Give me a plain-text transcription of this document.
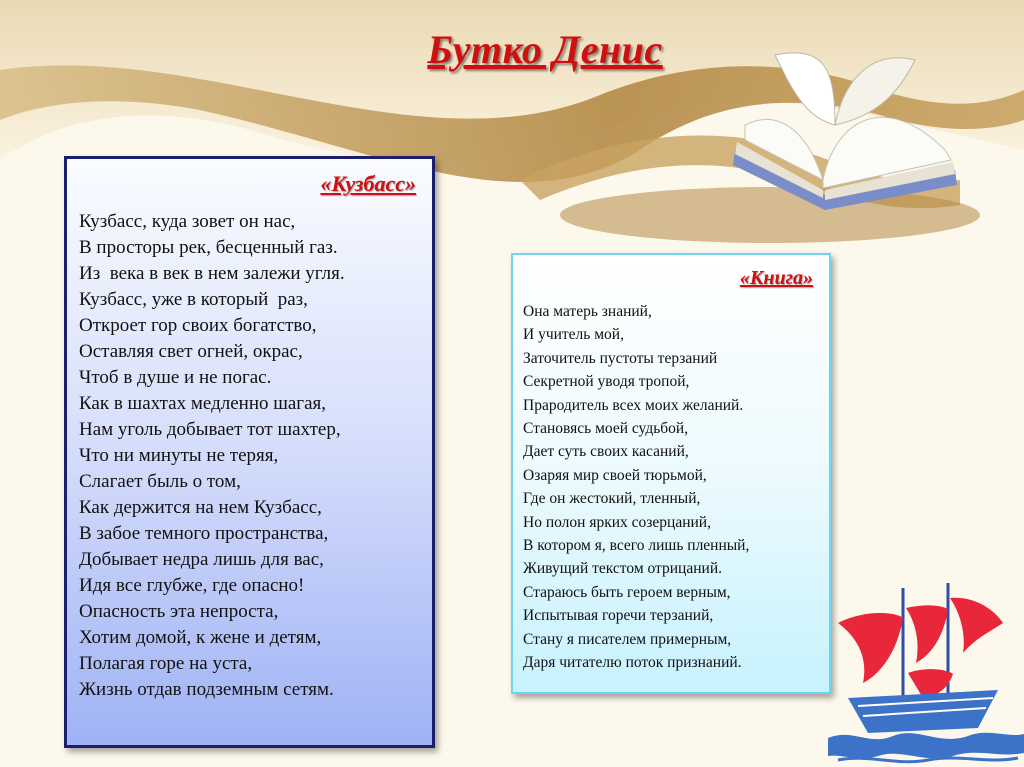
Бутко Денис
«Кузбасс»
Кузбасс, куда зовет он нас,
В просторы рек, бесценный газ.
Из  века в век в нем залежи угля.
Кузбасс, уже в который  раз,
Откроет гор своих богатство,
Оставляя свет огней, окрас,
Чтоб в душе и не погас.
Как в шахтах медленно шагая,
Нам уголь добывает тот шахтер,
Что ни минуты не теряя,
Слагает быль о том,
Как держится на нем Кузбасс,
В забое темного пространства,
Добывает недра лишь для вас,
Идя все глубже, где опасно!
Опасность эта непроста,
Хотим домой, к жене и детям,
Полагая горе на уста,
Жизнь отдав подземным сетям.
«Книга»
Она матерь знаний,
И учитель мой,
Заточитель пустоты терзаний
Секретной уводя тропой,
Прародитель всех моих желаний.
Становясь моей судьбой,
Дает суть своих касаний,
Озаряя мир своей тюрьмой,
Где он жестокий, тленный,
Но полон ярких созерцаний,
В котором я, всего лишь пленный,
Живущий текстом отрицаний.
Стараюсь быть героем верным,
Испытывая горечи терзаний,
Стану я писателем примерным,
Даря читателю поток признаний.
